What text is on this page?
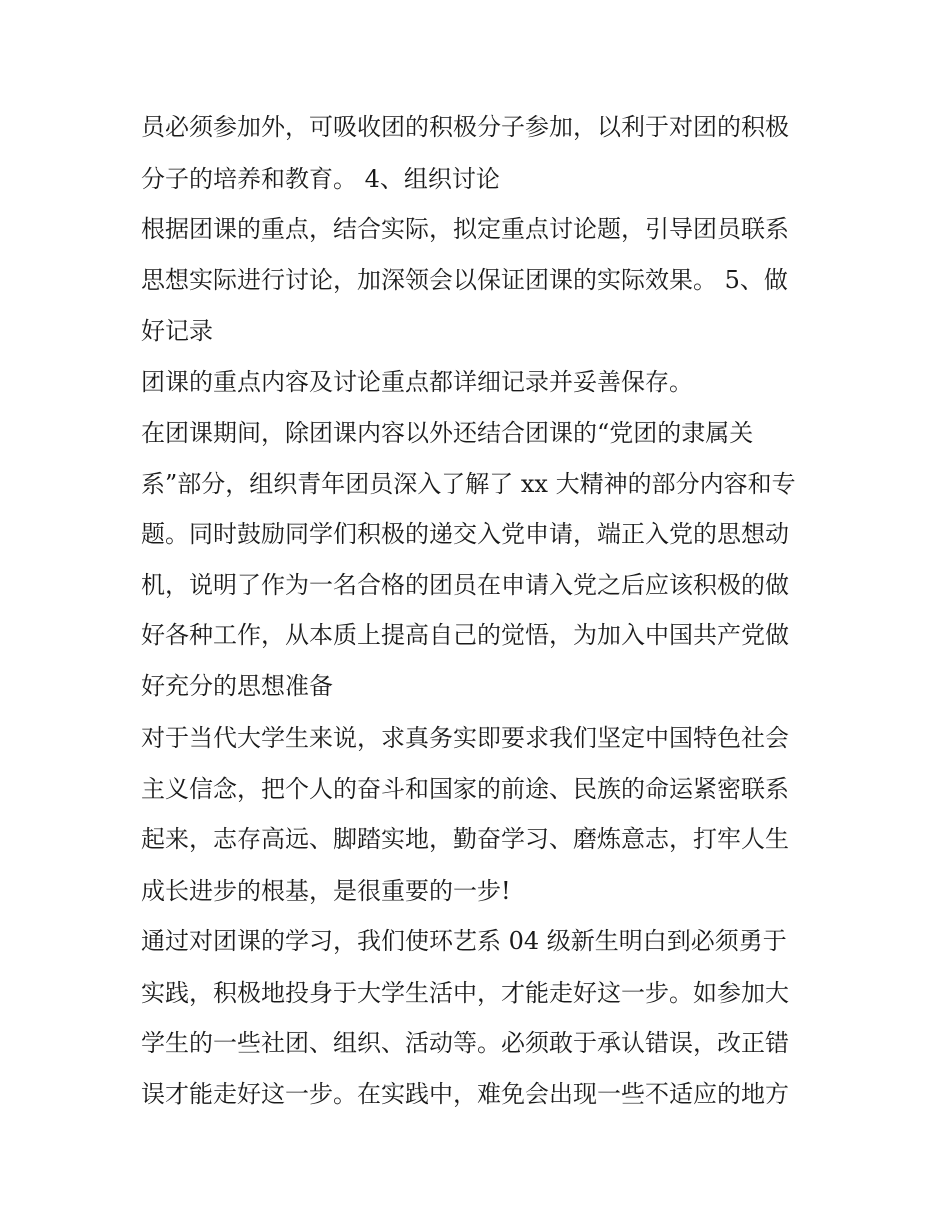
员必须参加外，可吸收团的积极分子参加，以利于对团的积极
分子的培养和教育。 4、组织讨论
根据团课的重点，结合实际，拟定重点讨论题，引导团员联系
思想实际进行讨论，加深领会以保证团课的实际效果。 5、做
好记录
团课的重点内容及讨论重点都详细记录并妥善保存。
在团课期间，除团课内容以外还结合团课的“党团的隶属关
系”部分，组织青年团员深入了解了 xx 大精神的部分内容和专
题。同时鼓励同学们积极的递交入党申请，端正入党的思想动
机，说明了作为一名合格的团员在申请入党之后应该积极的做
好各种工作，从本质上提高自己的觉悟，为加入中国共产党做
好充分的思想准备
对于当代大学生来说，求真务实即要求我们坚定中国特色社会
主义信念，把个人的奋斗和国家的前途、民族的命运紧密联系
起来，志存高远、脚踏实地，勤奋学习、磨炼意志，打牢人生
成长进步的根基，是很重要的一步!
通过对团课的学习，我们使环艺系 04 级新生明白到必须勇于
实践，积极地投身于大学生活中，才能走好这一步。如参加大
学生的一些社团、组织、活动等。必须敢于承认错误，改正错
误才能走好这一步。在实践中，难免会出现一些不适应的地方
